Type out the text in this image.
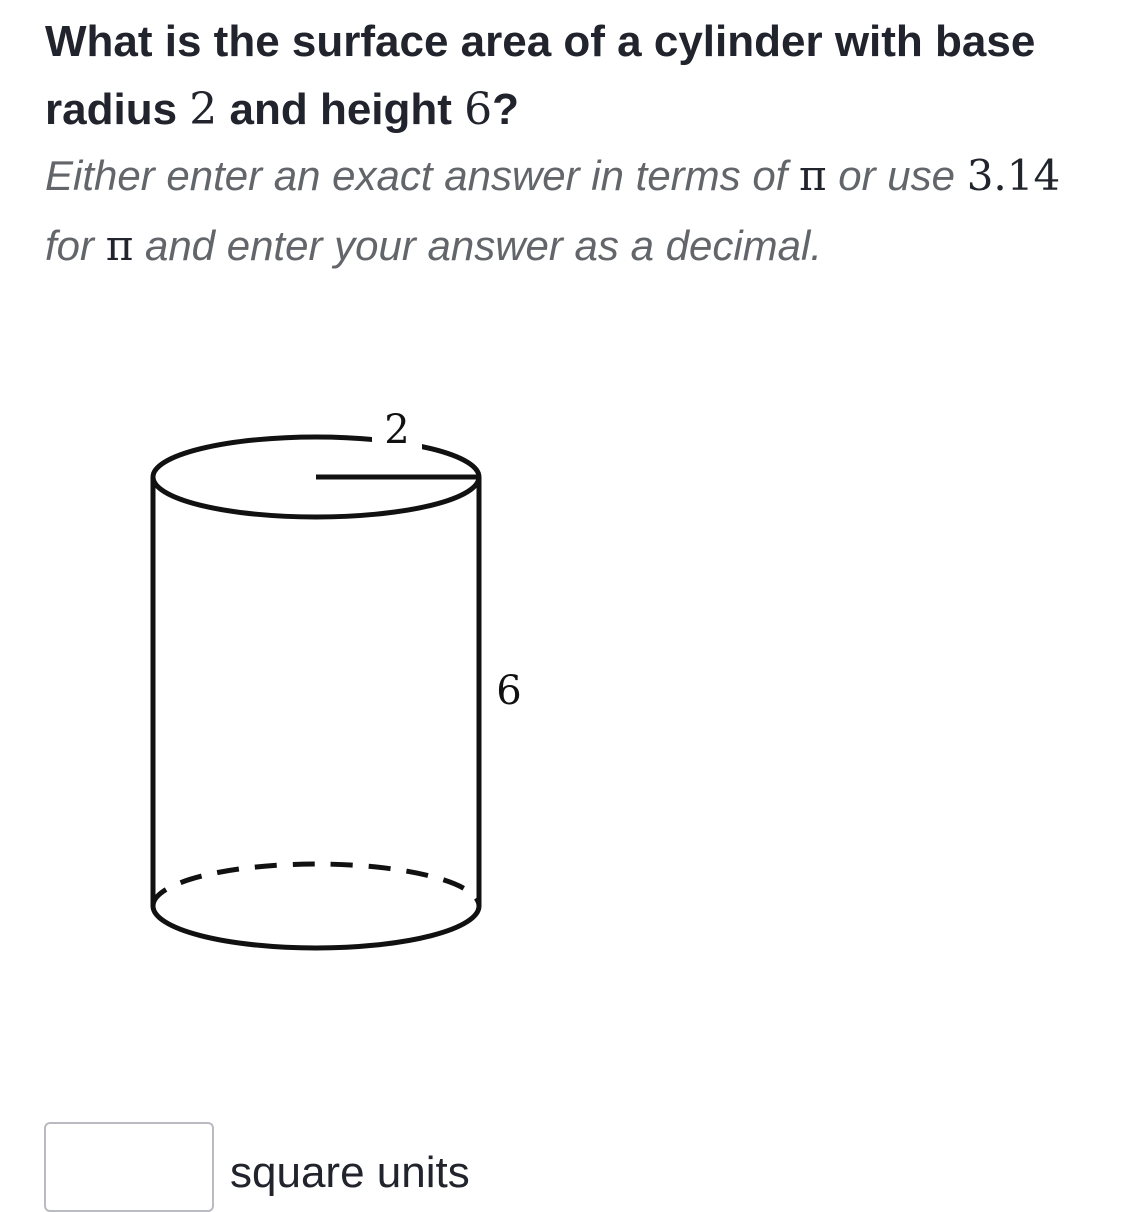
What is the surface area of a cylinder with base radius 2 and height 6?
Either enter an exact answer in terms of π or use 3.14 for π and enter your answer as a decimal.
2
6
square units
